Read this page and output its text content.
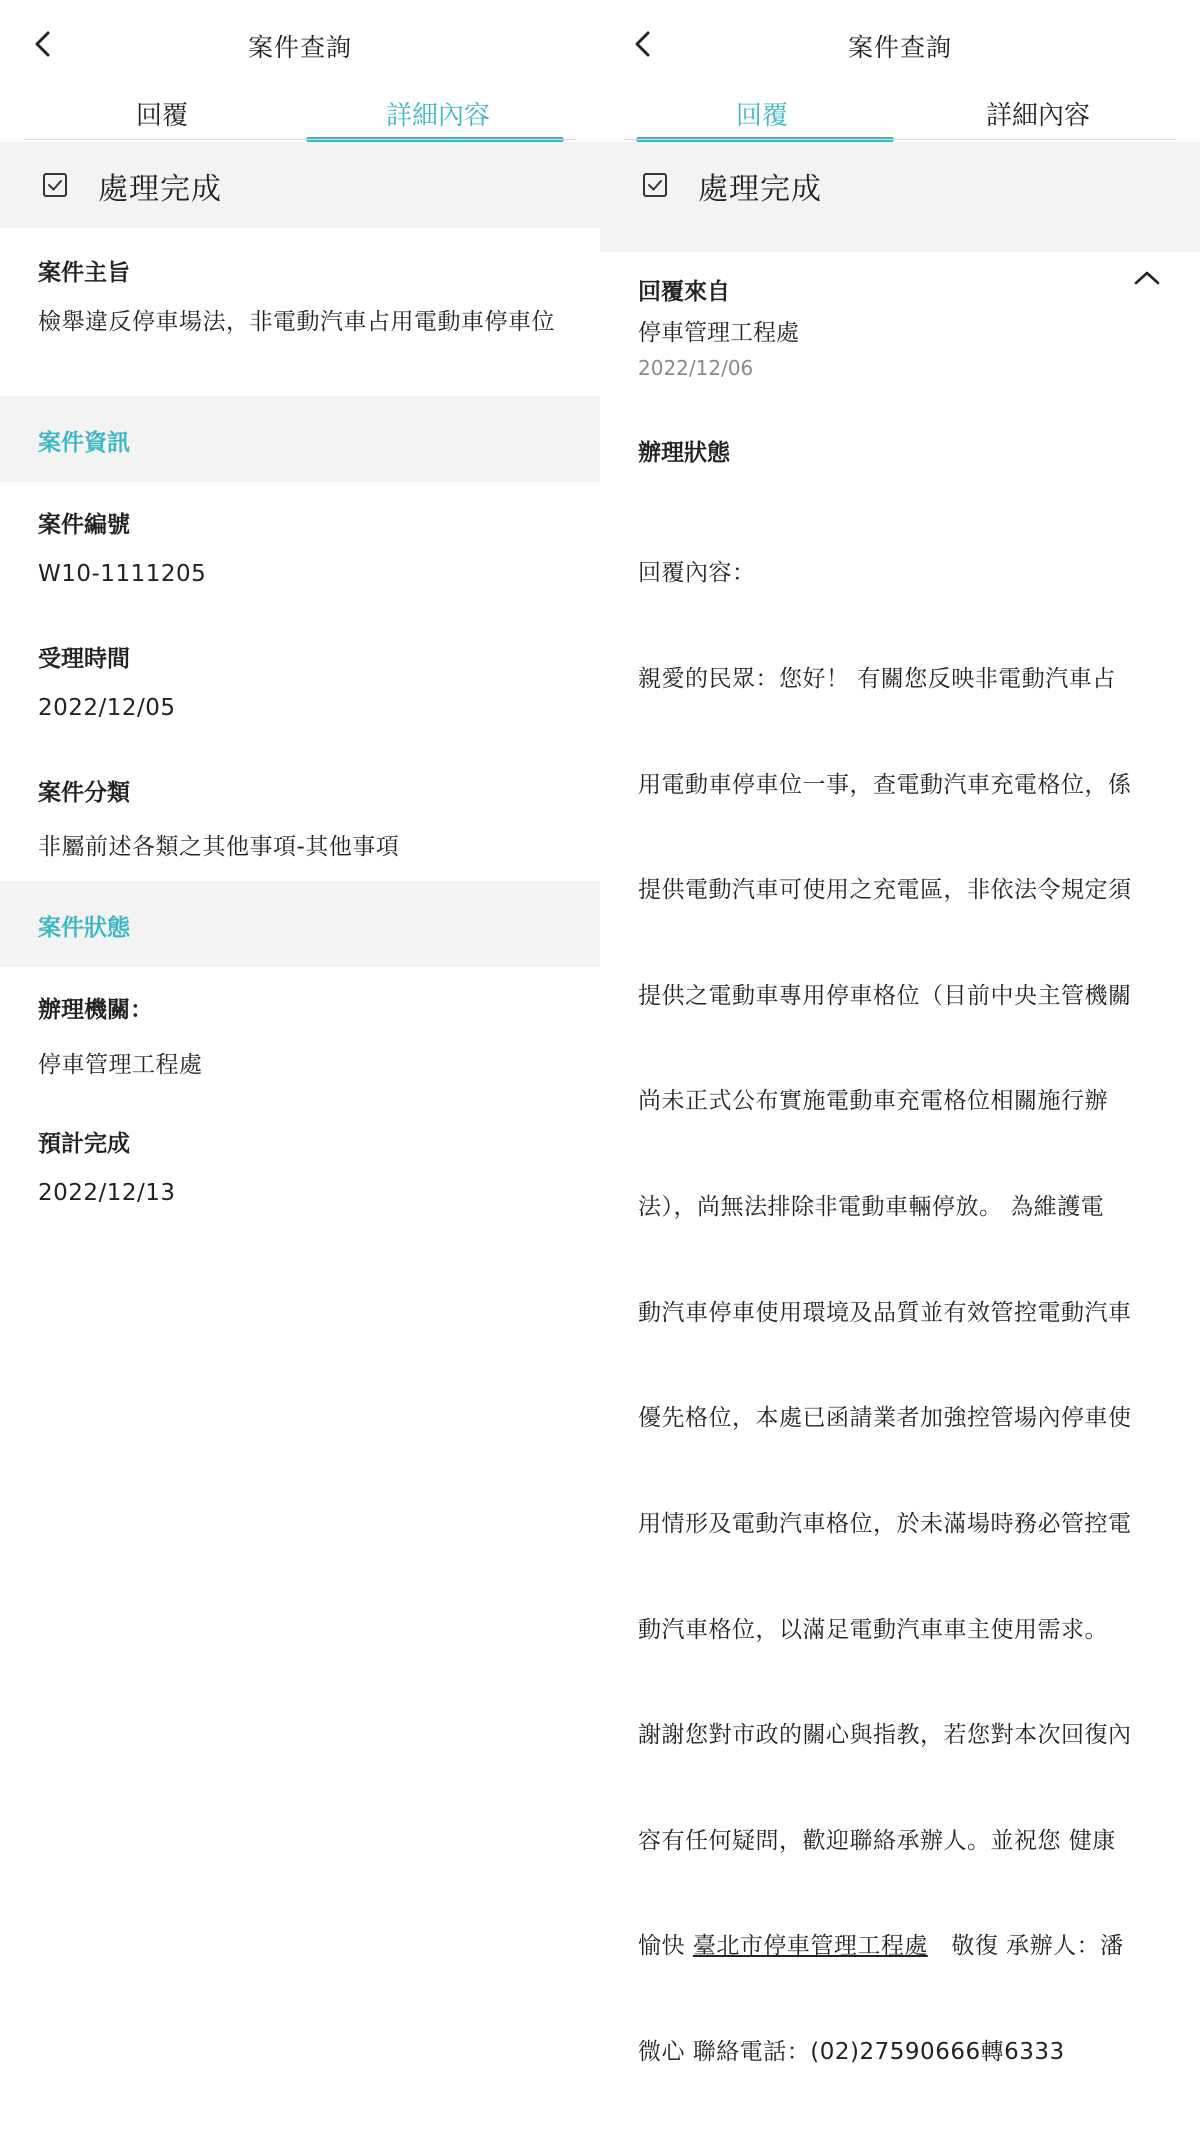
案件查詢
回覆	詳細內容
處理完成
案件主旨
檢舉違反停車場法，非電動汽車占用電動車停車位
案件資訊
案件編號
W10-1111205
受理時間
2022/12/05
案件分類
非屬前述各類之其他事項-其他事項
案件狀態
辦理機關：
停車管理工程處
預計完成
2022/12/13
案件查詢
回覆	詳細內容
處理完成
回覆來自
停車管理工程處
2022/12/06
辦理狀態

回覆內容：

親愛的民眾：您好！ 有關您反映非電動汽車占

用電動車停車位一事，查電動汽車充電格位，係

提供電動汽車可使用之充電區，非依法令規定須

提供之電動車專用停車格位（目前中央主管機關

尚未正式公布實施電動車充電格位相關施行辦

法），尚無法排除非電動車輛停放。 為維護電

動汽車停車使用環境及品質並有效管控電動汽車

優先格位，本處已函請業者加強控管場內停車使

用情形及電動汽車格位，於未滿場時務必管控電

動汽車格位，以滿足電動汽車車主使用需求。

謝謝您對市政的關心與指教，若您對本次回復內

容有任何疑問，歡迎聯絡承辦人。並祝您 健康

愉快 臺北市停車管理工程處　敬復 承辦人：潘

微心 聯絡電話：(02)27590666轉6333
